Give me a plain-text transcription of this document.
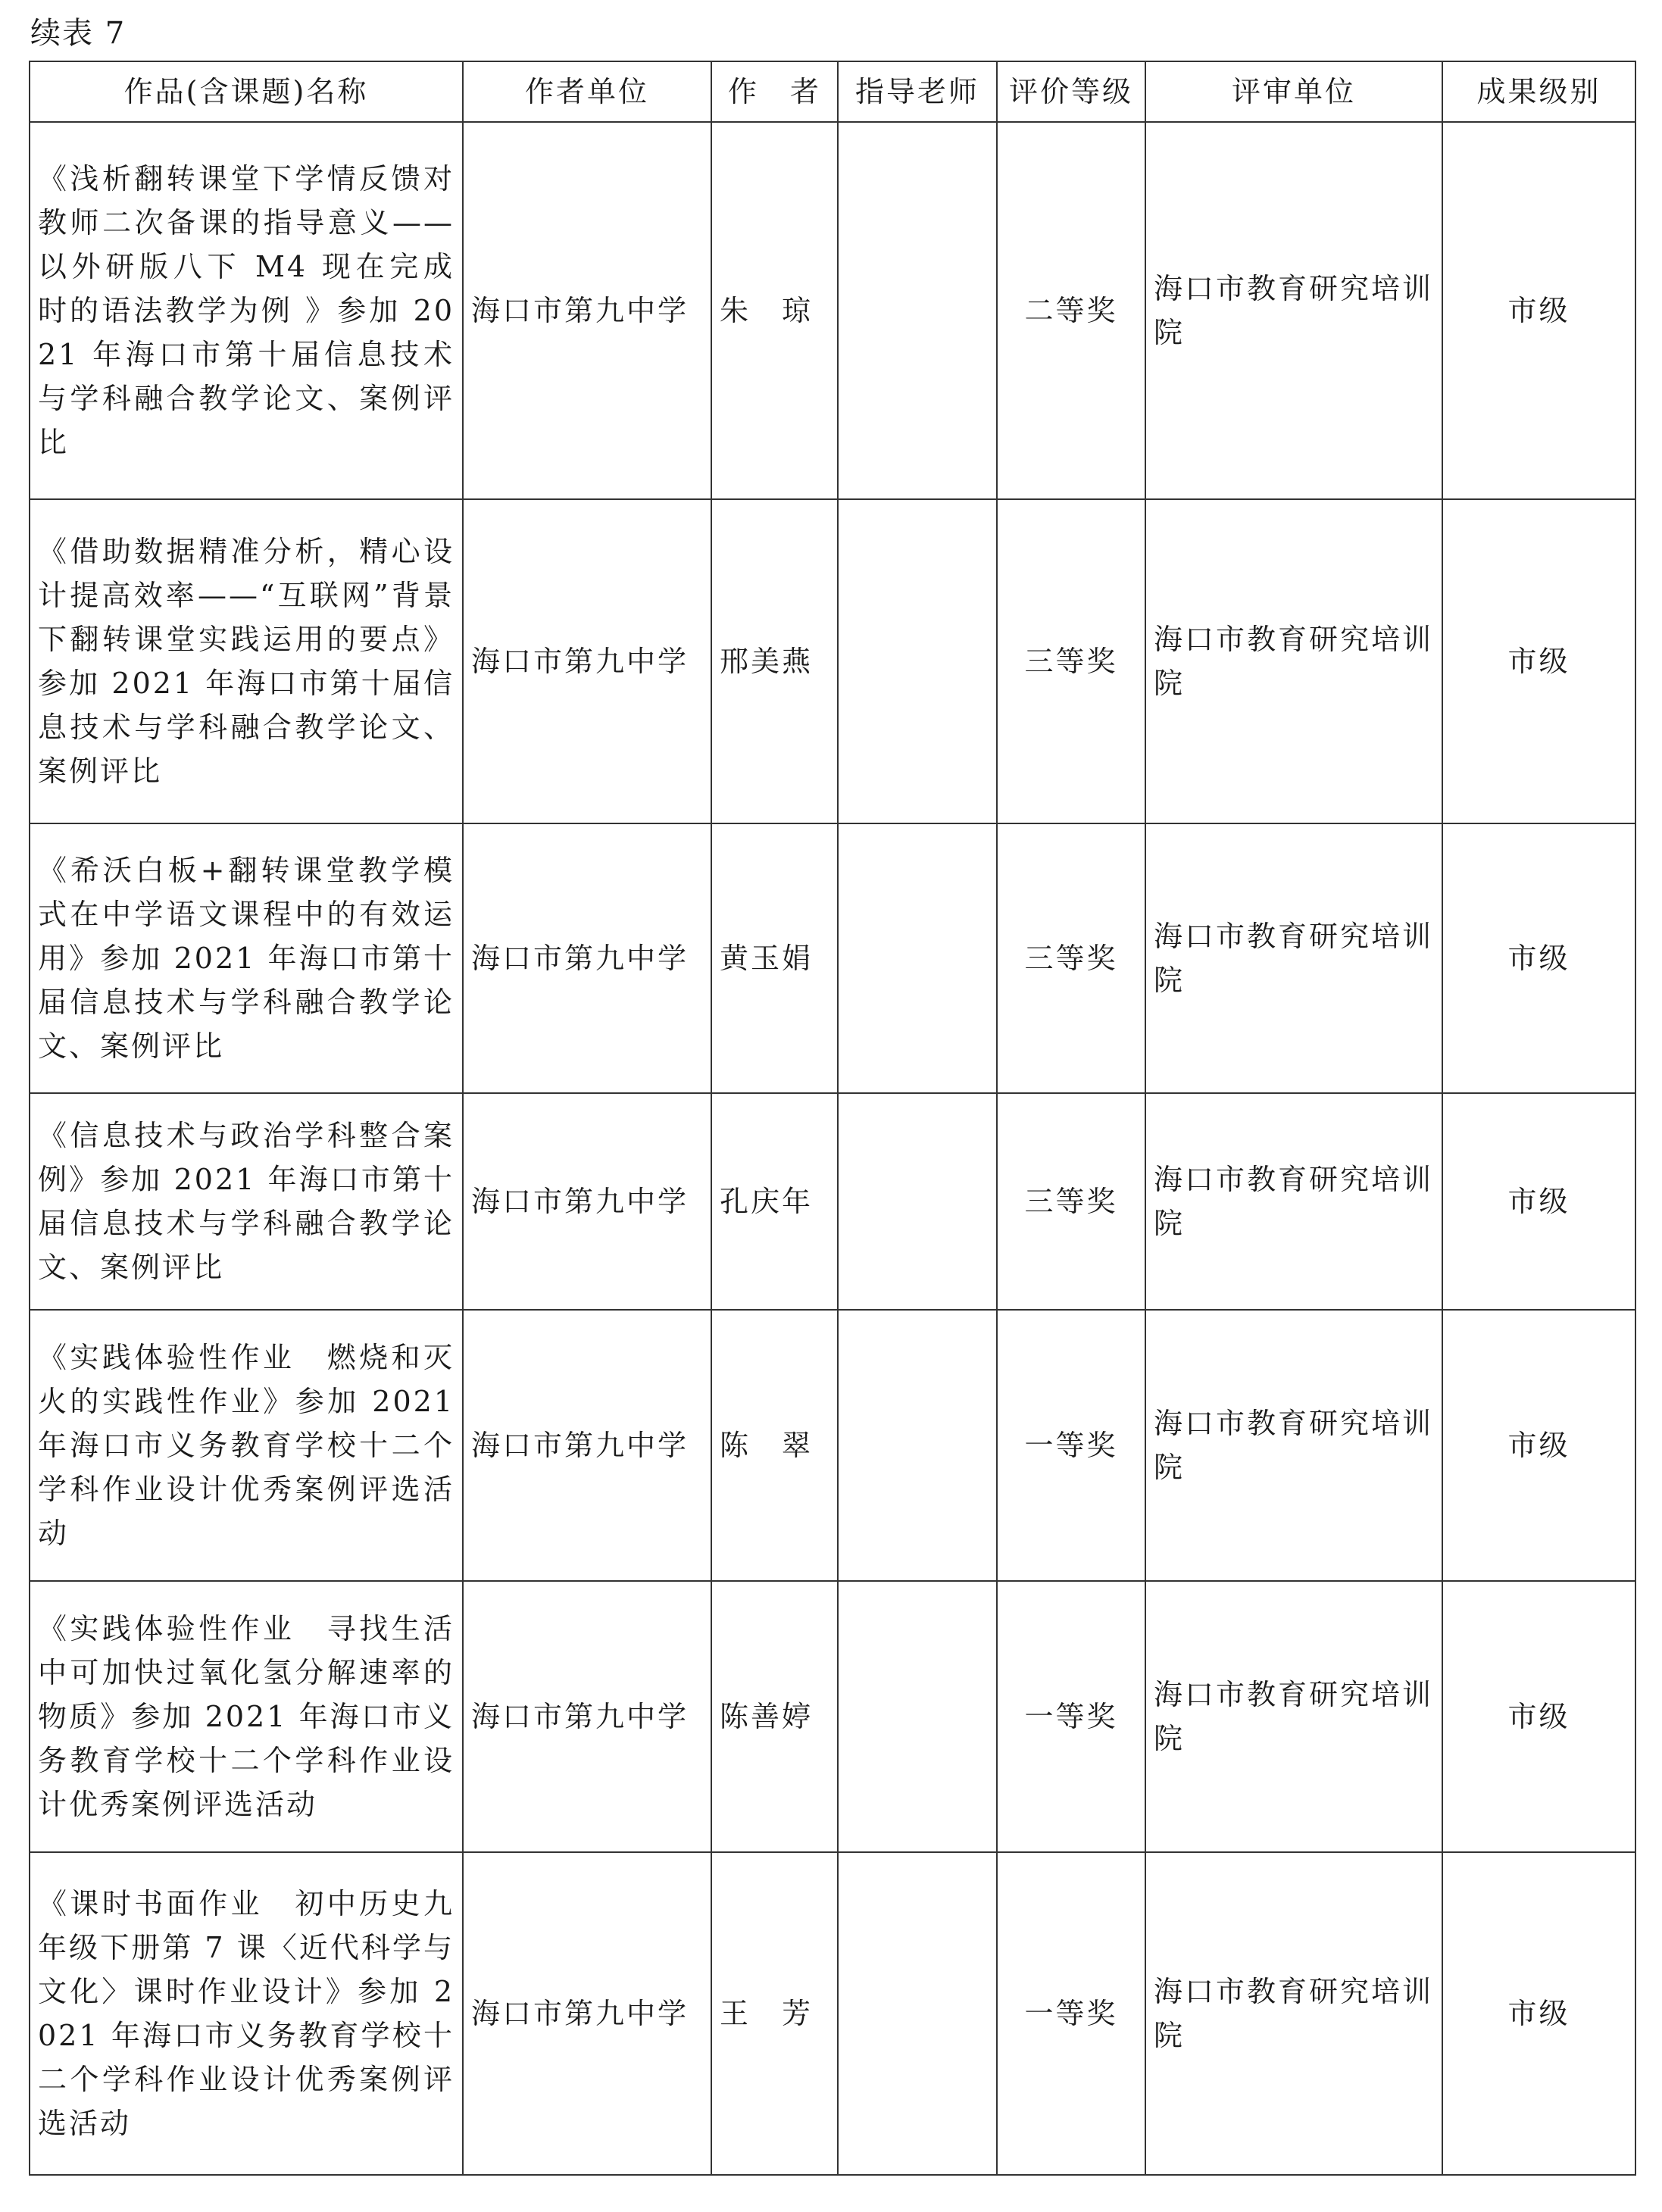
续表 7
作品(含课题)名称	作者单位	作　者	指导老师	评价等级	评审单位	成果级别
《浅析翻转课堂下学情反馈对教师二次备课的指导意义——以外研版八下 M4 现在完成时的语法教学为例 》参加 2021 年海口市第十届信息技术与学科融合教学论文、案例评比	海口市第九中学	朱　琼		二等奖	海口市教育研究培训院	市级
《借助数据精准分析，精心设计提高效率——“互联网”背景下翻转课堂实践运用的要点》参加 2021 年海口市第十届信息技术与学科融合教学论文、案例评比	海口市第九中学	邢美燕		三等奖	海口市教育研究培训院	市级
《希沃白板+翻转课堂教学模式在中学语文课程中的有效运用》参加 2021 年海口市第十届信息技术与学科融合教学论文、案例评比	海口市第九中学	黄玉娟		三等奖	海口市教育研究培训院	市级
《信息技术与政治学科整合案例》参加 2021 年海口市第十届信息技术与学科融合教学论文、案例评比	海口市第九中学	孔庆年		三等奖	海口市教育研究培训院	市级
《实践体验性作业　燃烧和灭火的实践性作业》参加 2021 年海口市义务教育学校十二个学科作业设计优秀案例评选活动	海口市第九中学	陈　翠		一等奖	海口市教育研究培训院	市级
《实践体验性作业　寻找生活中可加快过氧化氢分解速率的物质》参加 2021 年海口市义务教育学校十二个学科作业设计优秀案例评选活动	海口市第九中学	陈善婷		一等奖	海口市教育研究培训院	市级
《课时书面作业　初中历史九年级下册第 7 课〈近代科学与文化〉课时作业设计》参加 2021 年海口市义务教育学校十二个学科作业设计优秀案例评选活动	海口市第九中学	王　芳		一等奖	海口市教育研究培训院	市级
